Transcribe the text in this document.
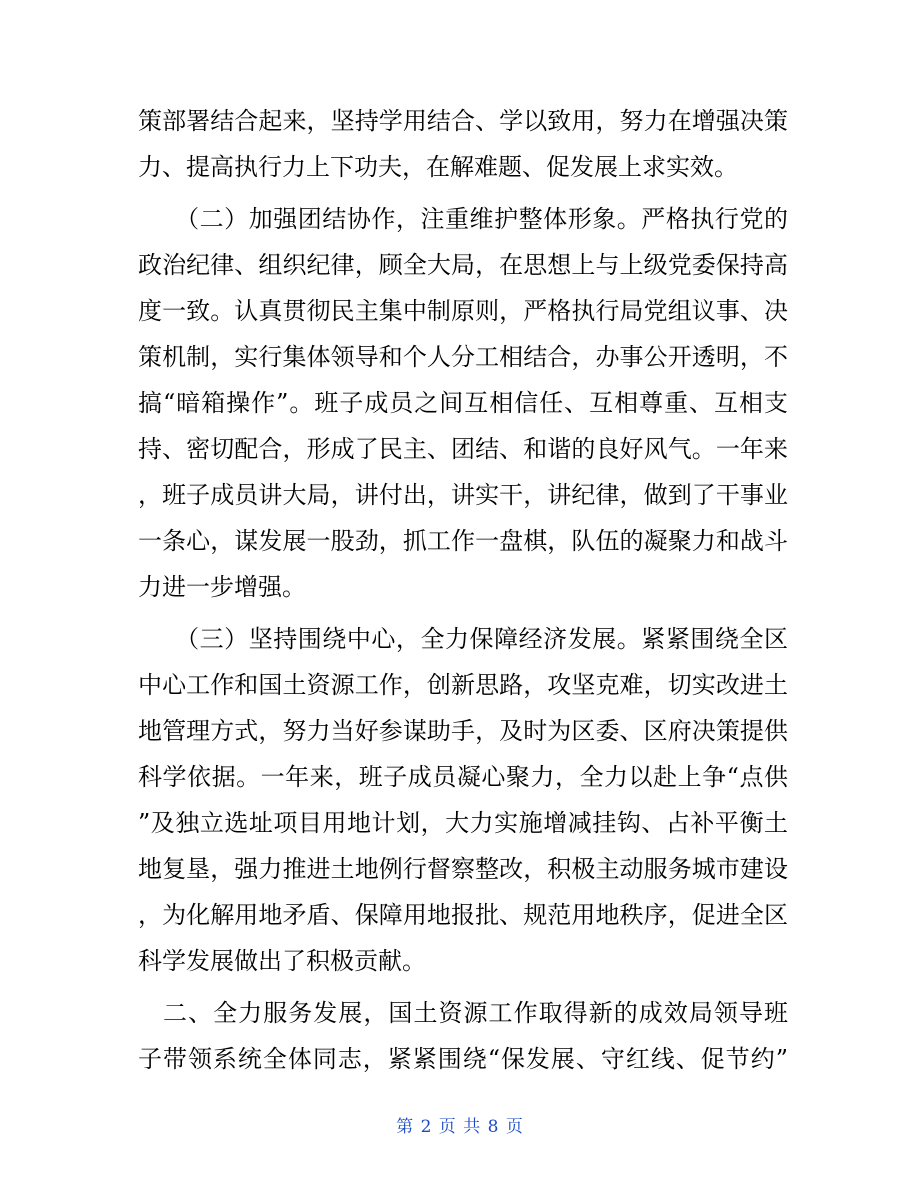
策部署结合起来，坚持学用结合、学以致用，努力在增强决策
力、提高执行力上下功夫，在解难题、促发展上求实效。
　　（二）加强团结协作，注重维护整体形象。严格执行党的
政治纪律、组织纪律，顾全大局，在思想上与上级党委保持高
度一致。认真贯彻民主集中制原则，严格执行局党组议事、决
策机制，实行集体领导和个人分工相结合，办事公开透明，不
搞“暗箱操作”。班子成员之间互相信任、互相尊重、互相支
持、密切配合，形成了民主、团结、和谐的良好风气。一年来
，班子成员讲大局，讲付出，讲实干，讲纪律，做到了干事业
一条心，谋发展一股劲，抓工作一盘棋，队伍的凝聚力和战斗
力进一步增强。
　　（三）坚持围绕中心，全力保障经济发展。紧紧围绕全区
中心工作和国土资源工作，创新思路，攻坚克难，切实改进土
地管理方式，努力当好参谋助手，及时为区委、区府决策提供
科学依据。一年来，班子成员凝心聚力，全力以赴上争“点供
”及独立选址项目用地计划，大力实施增减挂钩、占补平衡土
地复垦，强力推进土地例行督察整改，积极主动服务城市建设
，为化解用地矛盾、保障用地报批、规范用地秩序，促进全区
科学发展做出了积极贡献。
　二、全力服务发展，国土资源工作取得新的成效局领导班
子带领系统全体同志，紧紧围绕“保发展、守红线、促节约”
第 2 页 共 8 页
